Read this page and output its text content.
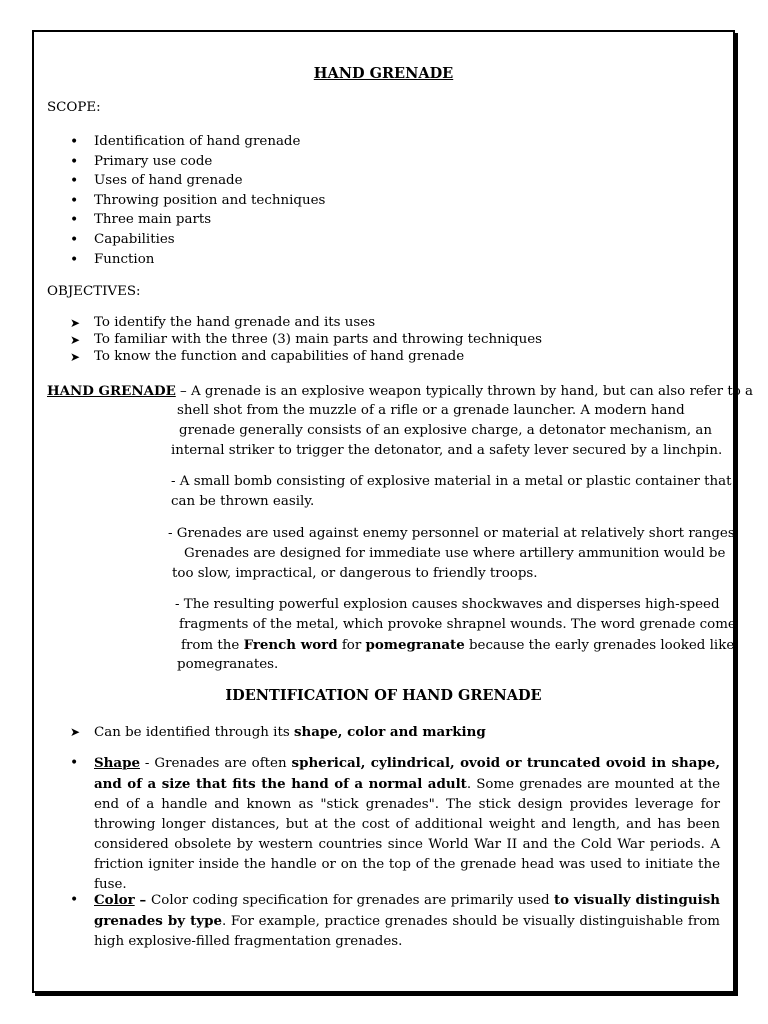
HAND GRENADE
SCOPE:
• Identification of hand grenade
• Primary use code
• Uses of hand grenade
• Throwing position and techniques
• Three main parts
• Capabilities
• Function
OBJECTIVES:
➤ To identify the hand grenade and its uses
➤ To familiar with the three (3) main parts and throwing techniques
➤ To know the function and capabilities of hand grenade
HAND GRENADE – A grenade is an explosive weapon typically thrown by hand, but can also refer to a
shell shot from the muzzle of a rifle or a grenade launcher. A modern hand
grenade generally consists of an explosive charge, a detonator mechanism, an
internal striker to trigger the detonator, and a safety lever secured by a linchpin.
- A small bomb consisting of explosive material in a metal or plastic container that
can be thrown easily.
- Grenades are used against enemy personnel or material at relatively short ranges.
Grenades are designed for immediate use where artillery ammunition would be
too slow, impractical, or dangerous to friendly troops.
- The resulting powerful explosion causes shockwaves and disperses high-speed
fragments of the metal, which provoke shrapnel wounds. The word grenade come
from the French word for pomegranate because the early grenades looked like
pomegranates.
IDENTIFICATION OF HAND GRENADE
➤ Can be identified through its shape, color and marking
• Shape - Grenades are often spherical, cylindrical, ovoid or truncated ovoid in shape, and of a size that fits the hand of a normal adult. Some grenades are mounted at the end of a handle and known as "stick grenades". The stick design provides leverage for throwing longer distances, but at the cost of additional weight and length, and has been considered obsolete by western countries since World War II and the Cold War periods. A friction igniter inside the handle or on the top of the grenade head was used to initiate the fuse.
• Color – Color coding specification for grenades are primarily used to visually distinguish grenades by type. For example, practice grenades should be visually distinguishable from high explosive-filled fragmentation grenades.
